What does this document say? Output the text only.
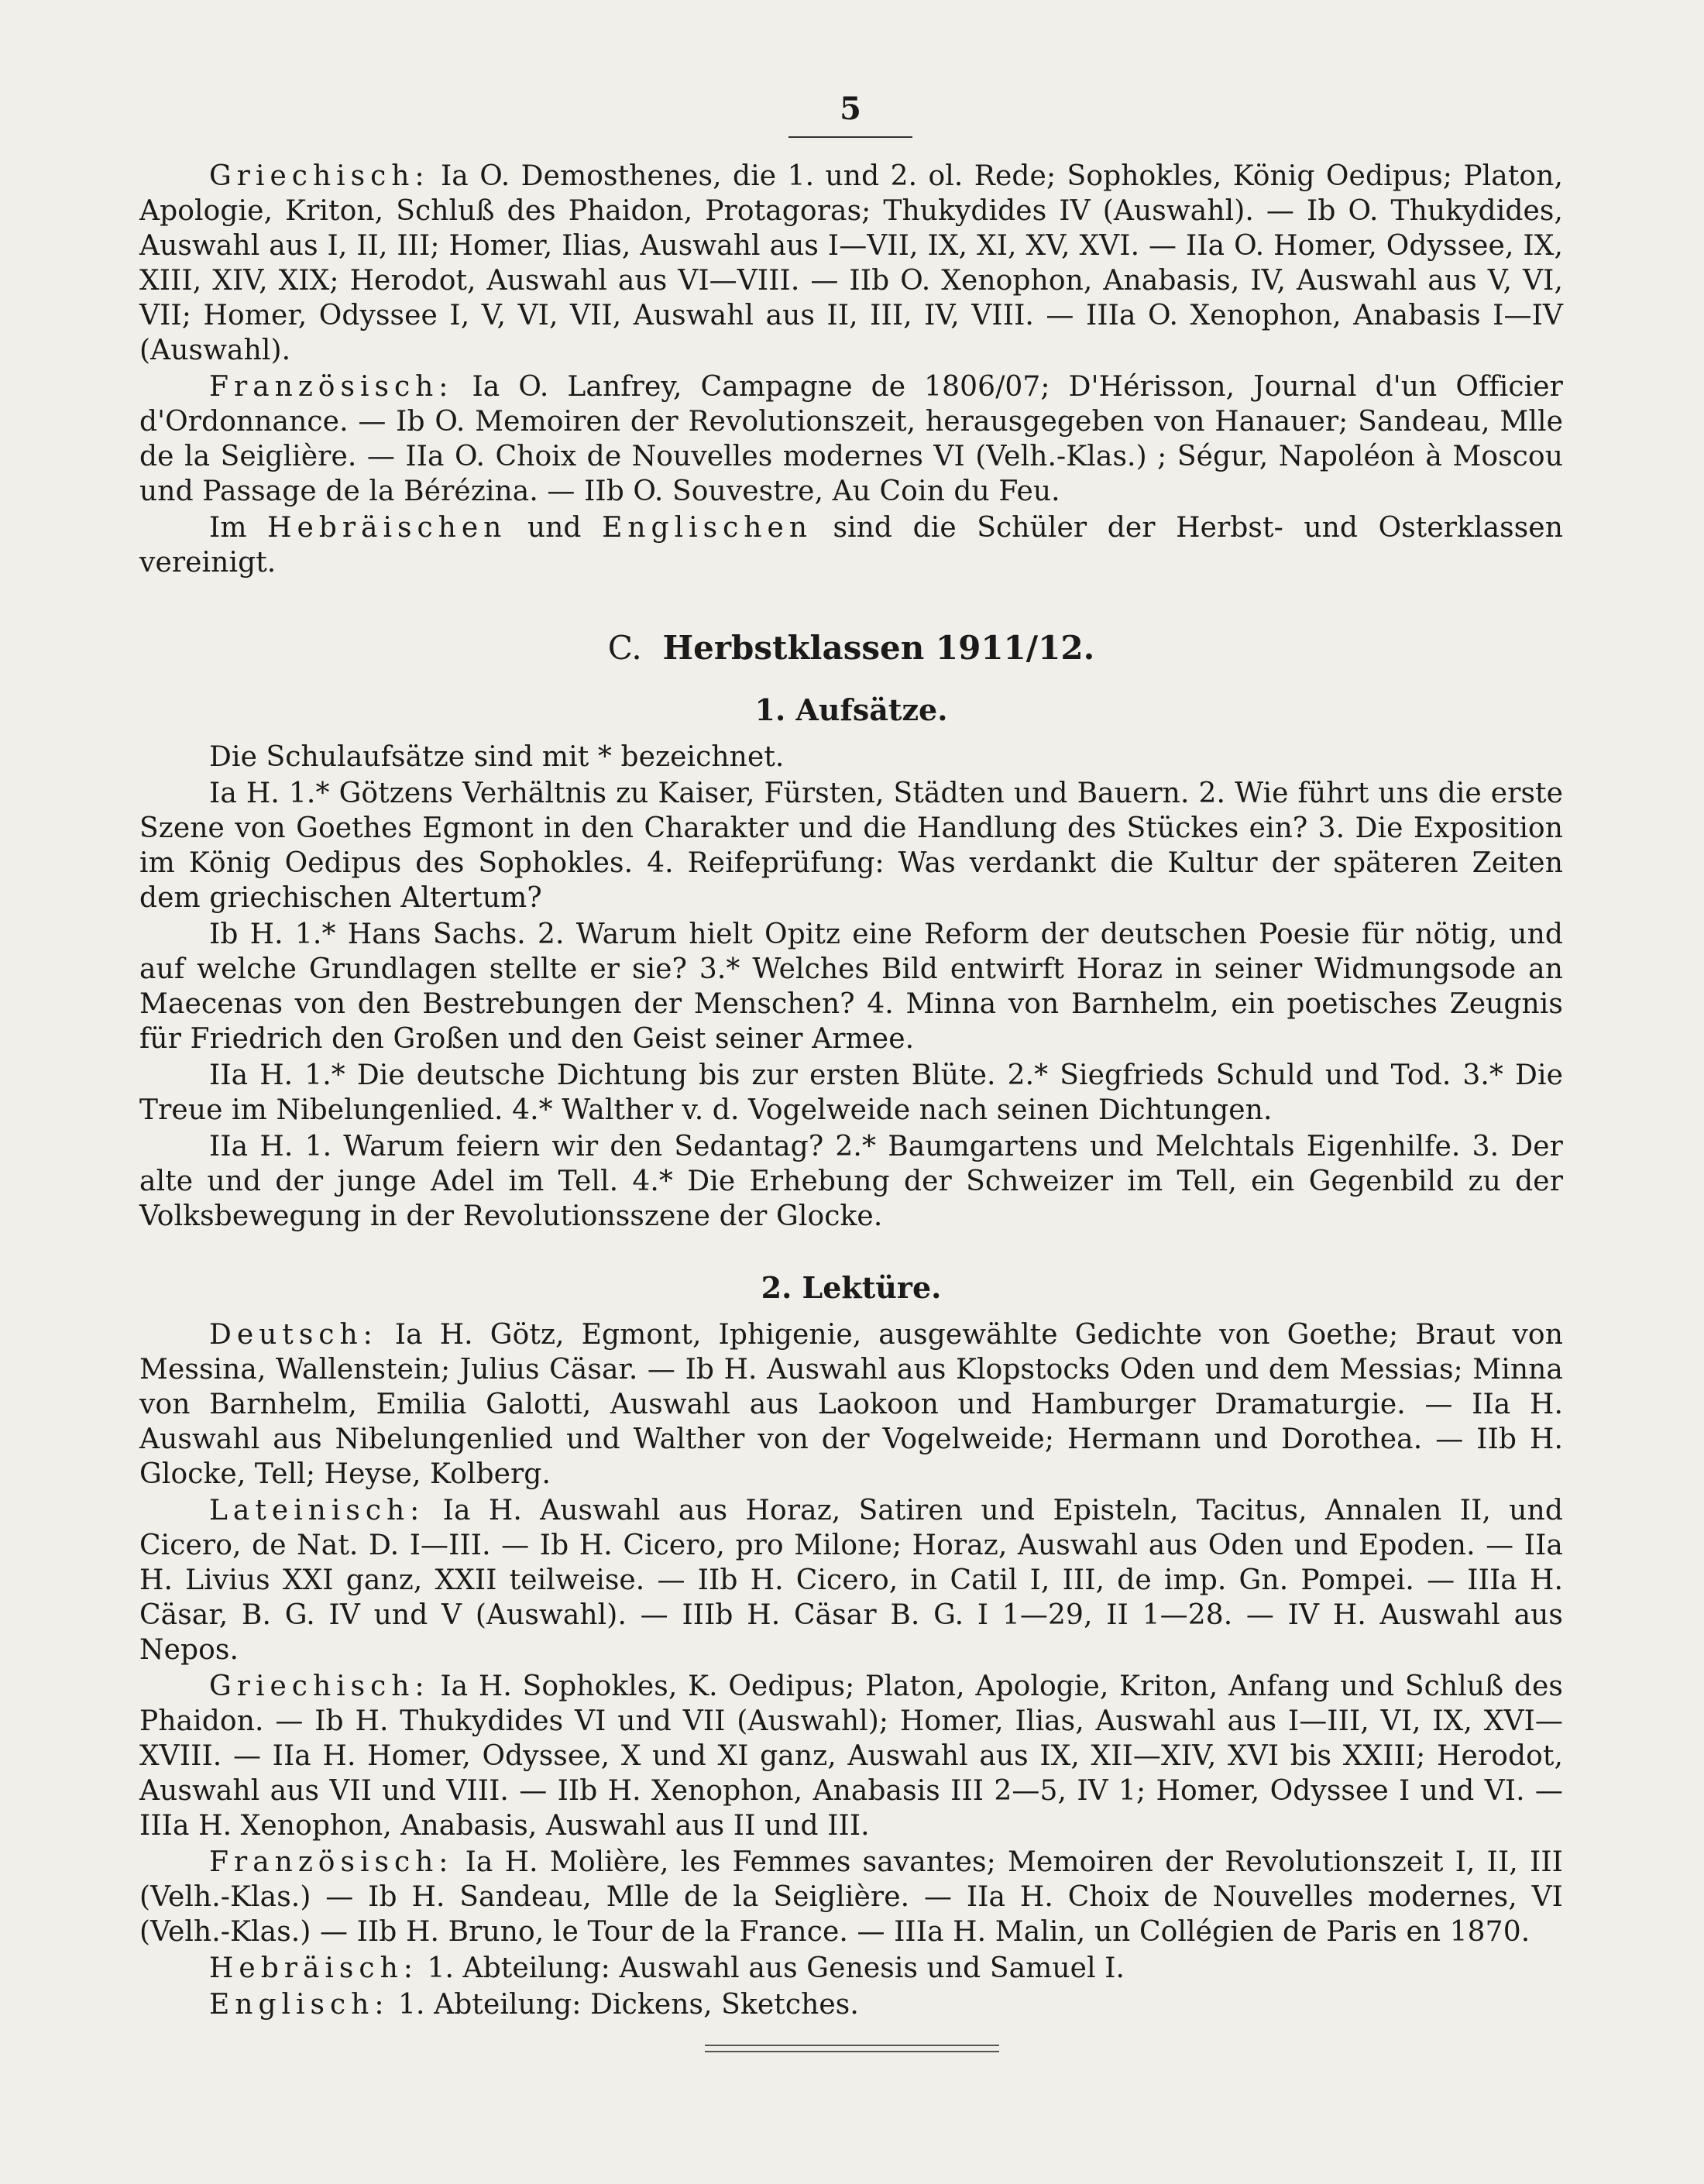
5

Griechisch: Ia O. Demosthenes, die 1. und 2. ol. Rede; Sophokles, König Oedipus; Platon, Apologie, Kriton, Schluß des Phaidon, Protagoras; Thukydides IV (Auswahl). — Ib O. Thukydides, Auswahl aus I, II, III; Homer, Ilias, Auswahl aus I—VII, IX, XI, XV, XVI. — IIa O. Homer, Odyssee, IX, XIII, XIV, XIX; Herodot, Auswahl aus VI—VIII. — IIb O. Xenophon, Anabasis, IV, Auswahl aus V, VI, VII; Homer, Odyssee I, V, VI, VII, Auswahl aus II, III, IV, VIII. — IIIa O. Xenophon, Anabasis I—IV (Auswahl).

Französisch: Ia O. Lanfrey, Campagne de 1806/07; D'Hérisson, Journal d'un Officier d'Ordonnance. — Ib O. Memoiren der Revolutionszeit, herausgegeben von Hanauer; Sandeau, Mlle de la Seiglière. — IIa O. Choix de Nouvelles modernes VI (Velh.-Klas.) ; Ségur, Napoléon à Moscou und Passage de la Bérézina. — IIb O. Souvestre, Au Coin du Feu.

Im Hebräischen und Englischen sind die Schüler der Herbst- und Osterklassen vereinigt.

C. Herbstklassen 1911/12.
1. Aufsätze.

Die Schulaufsätze sind mit * bezeichnet.

Ia H. 1.* Götzens Verhältnis zu Kaiser, Fürsten, Städten und Bauern. 2. Wie führt uns die erste Szene von Goethes Egmont in den Charakter und die Handlung des Stückes ein? 3. Die Exposition im König Oedipus des Sophokles. 4. Reifeprüfung: Was verdankt die Kultur der späteren Zeiten dem griechischen Altertum?

Ib H. 1.* Hans Sachs. 2. Warum hielt Opitz eine Reform der deutschen Poesie für nötig, und auf welche Grundlagen stellte er sie? 3.* Welches Bild entwirft Horaz in seiner Widmungsode an Maecenas von den Bestrebungen der Menschen? 4. Minna von Barnhelm, ein poetisches Zeugnis für Friedrich den Großen und den Geist seiner Armee.

IIa H. 1.* Die deutsche Dichtung bis zur ersten Blüte. 2.* Siegfrieds Schuld und Tod. 3.* Die Treue im Nibelungenlied. 4.* Walther v. d. Vogelweide nach seinen Dichtungen.

IIa H. 1. Warum feiern wir den Sedantag? 2.* Baumgartens und Melchtals Eigenhilfe. 3. Der alte und der junge Adel im Tell. 4.* Die Erhebung der Schweizer im Tell, ein Gegenbild zu der Volksbewegung in der Revolutionsszene der Glocke.

2. Lektüre.

Deutsch: Ia H. Götz, Egmont, Iphigenie, ausgewählte Gedichte von Goethe; Braut von Messina, Wallenstein; Julius Cäsar. — Ib H. Auswahl aus Klopstocks Oden und dem Messias; Minna von Barnhelm, Emilia Galotti, Auswahl aus Laokoon und Hamburger Dramaturgie. — IIa H. Auswahl aus Nibelungenlied und Walther von der Vogelweide; Hermann und Dorothea. — IIb H. Glocke, Tell; Heyse, Kolberg.

Lateinisch: Ia H. Auswahl aus Horaz, Satiren und Episteln, Tacitus, Annalen II, und Cicero, de Nat. D. I—III. — Ib H. Cicero, pro Milone; Horaz, Auswahl aus Oden und Epoden. — IIa H. Livius XXI ganz, XXII teilweise. — IIb H. Cicero, in Catil I, III, de imp. Gn. Pompei. — IIIa H. Cäsar, B. G. IV und V (Auswahl). — IIIb H. Cäsar B. G. I 1—29, II 1—28. — IV H. Auswahl aus Nepos.

Griechisch: Ia H. Sophokles, K. Oedipus; Platon, Apologie, Kriton, Anfang und Schluß des Phaidon. — Ib H. Thukydides VI und VII (Auswahl); Homer, Ilias, Auswahl aus I—III, VI, IX, XVI—XVIII. — IIa H. Homer, Odyssee, X und XI ganz, Auswahl aus IX, XII—XIV, XVI bis XXIII; Herodot, Auswahl aus VII und VIII. — IIb H. Xenophon, Anabasis III 2—5, IV 1; Homer, Odyssee I und VI. — IIIa H. Xenophon, Anabasis, Auswahl aus II und III.

Französisch: Ia H. Molière, les Femmes savantes; Memoiren der Revolutionszeit I, II, III (Velh.-Klas.) — Ib H. Sandeau, Mlle de la Seiglière. — IIa H. Choix de Nouvelles modernes, VI (Velh.-Klas.) — IIb H. Bruno, le Tour de la France. — IIIa H. Malin, un Collégien de Paris en 1870.

Hebräisch: 1. Abteilung: Auswahl aus Genesis und Samuel I.

Englisch: 1. Abteilung: Dickens, Sketches.
